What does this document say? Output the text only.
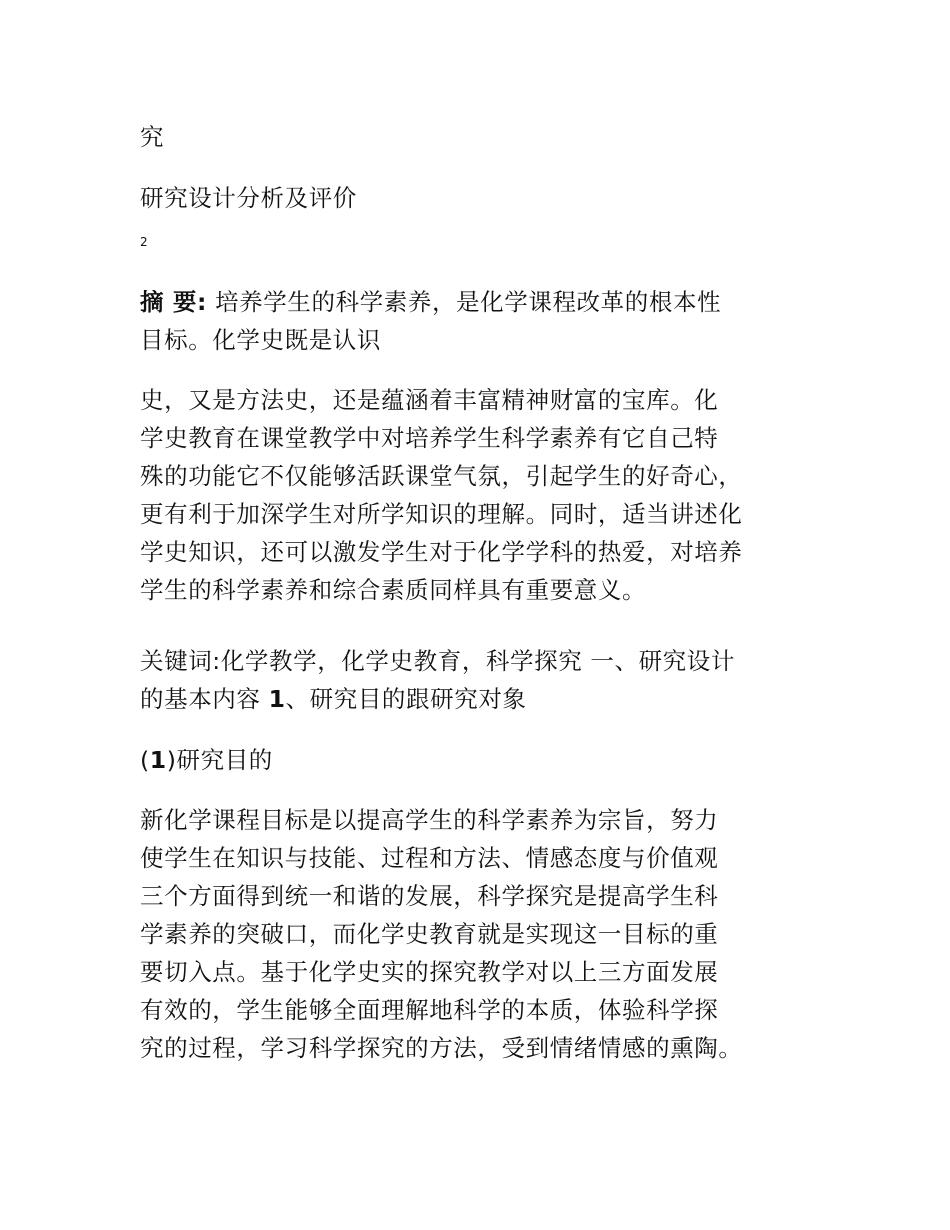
究
研究设计分析及评价
2
摘 要: 培养学生的科学素养，是化学课程改革的根本性
目标。化学史既是认识
史，又是方法史，还是蕴涵着丰富精神财富的宝库。化
学史教育在课堂教学中对培养学生科学素养有它自己特
殊的功能它不仅能够活跃课堂气氛，引起学生的好奇心，
更有利于加深学生对所学知识的理解。同时，适当讲述化
学史知识，还可以激发学生对于化学学科的热爱，对培养
学生的科学素养和综合素质同样具有重要意义。
关键词:化学教学，化学史教育，科学探究 一、研究设计
的基本内容 1、研究目的跟研究对象
(1)研究目的
新化学课程目标是以提高学生的科学素养为宗旨，努力
使学生在知识与技能、过程和方法、情感态度与价值观
三个方面得到统一和谐的发展，科学探究是提高学生科
学素养的突破口，而化学史教育就是实现这一目标的重
要切入点。基于化学史实的探究教学对以上三方面发展
有效的，学生能够全面理解地科学的本质，体验科学探
究的过程，学习科学探究的方法，受到情绪情感的熏陶。
